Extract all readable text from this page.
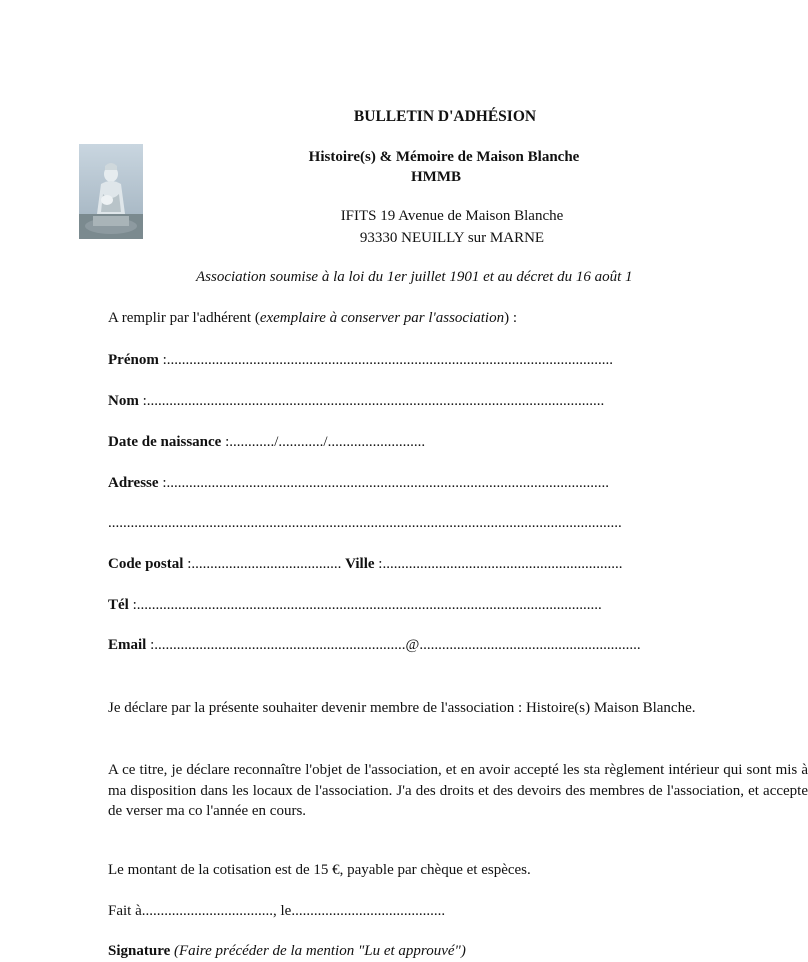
BULLETIN D'ADHÉSION
Histoire(s) & Mémoire de Maison Blanche
HMMB
IFITS 19 Avenue de Maison Blanche
93330 NEUILLY sur MARNE
Association soumise à la loi du 1er juillet 1901 et au décret du 16 août 1
A remplir par l'adhérent (exemplaire à conserver par l'association) :
Prénom :.......................................................................................................................
Nom :..........................................................................................................................
Date de naissance :............/............/..........................
Adresse :......................................................................................................................
.........................................................................................................................................
Code postal :........................................ Ville :................................................................
Tél :............................................................................................................................
Email :...................................................................@...........................................................
Je déclare par la présente souhaiter devenir membre de l'association : Histoire(s) Maison Blanche.
A ce titre, je déclare reconnaître l'objet de l'association, et en avoir accepté les sta règlement intérieur qui sont mis à ma disposition dans les locaux de l'association. J'a des droits et des devoirs des membres de l'association, et accepte de verser ma co l'année en cours.
Le montant de la cotisation est de 15 €, payable par chèque et espèces.
Fait à..................................., le.........................................
Signature (Faire précéder de la mention "Lu et approuvé")
